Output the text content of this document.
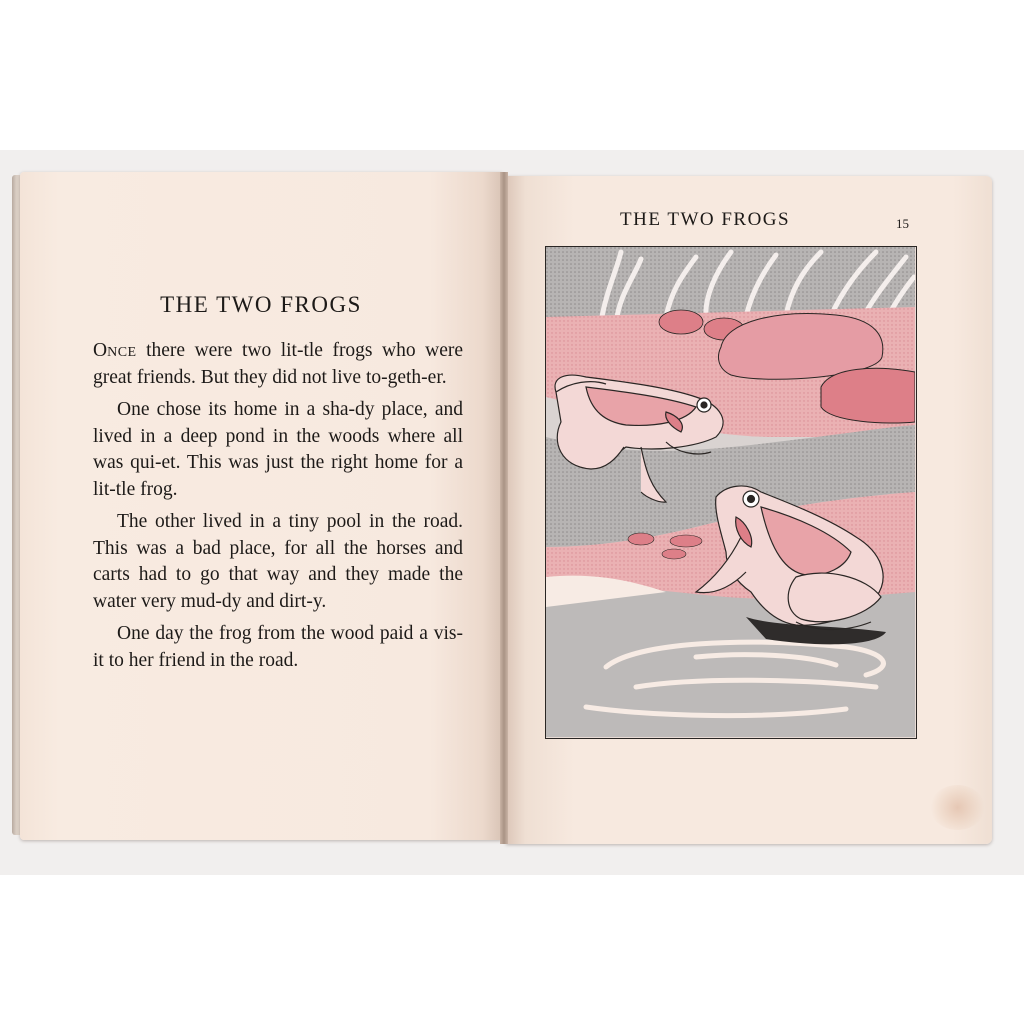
THE TWO FROGS

Once there were two lit-tle frogs who were great friends. But they did not live to-geth-er.

One chose its home in a sha-dy place, and lived in a deep pond in the woods where all was qui-et. This was just the right home for a lit-tle frog.

The other lived in a tiny pool in the road. This was a bad place, for all the horses and carts had to go that way and they made the water very mud-dy and dirt-y.

One day the frog from the wood paid a vis-it to her friend in the road.

THE TWO FROGS	15
